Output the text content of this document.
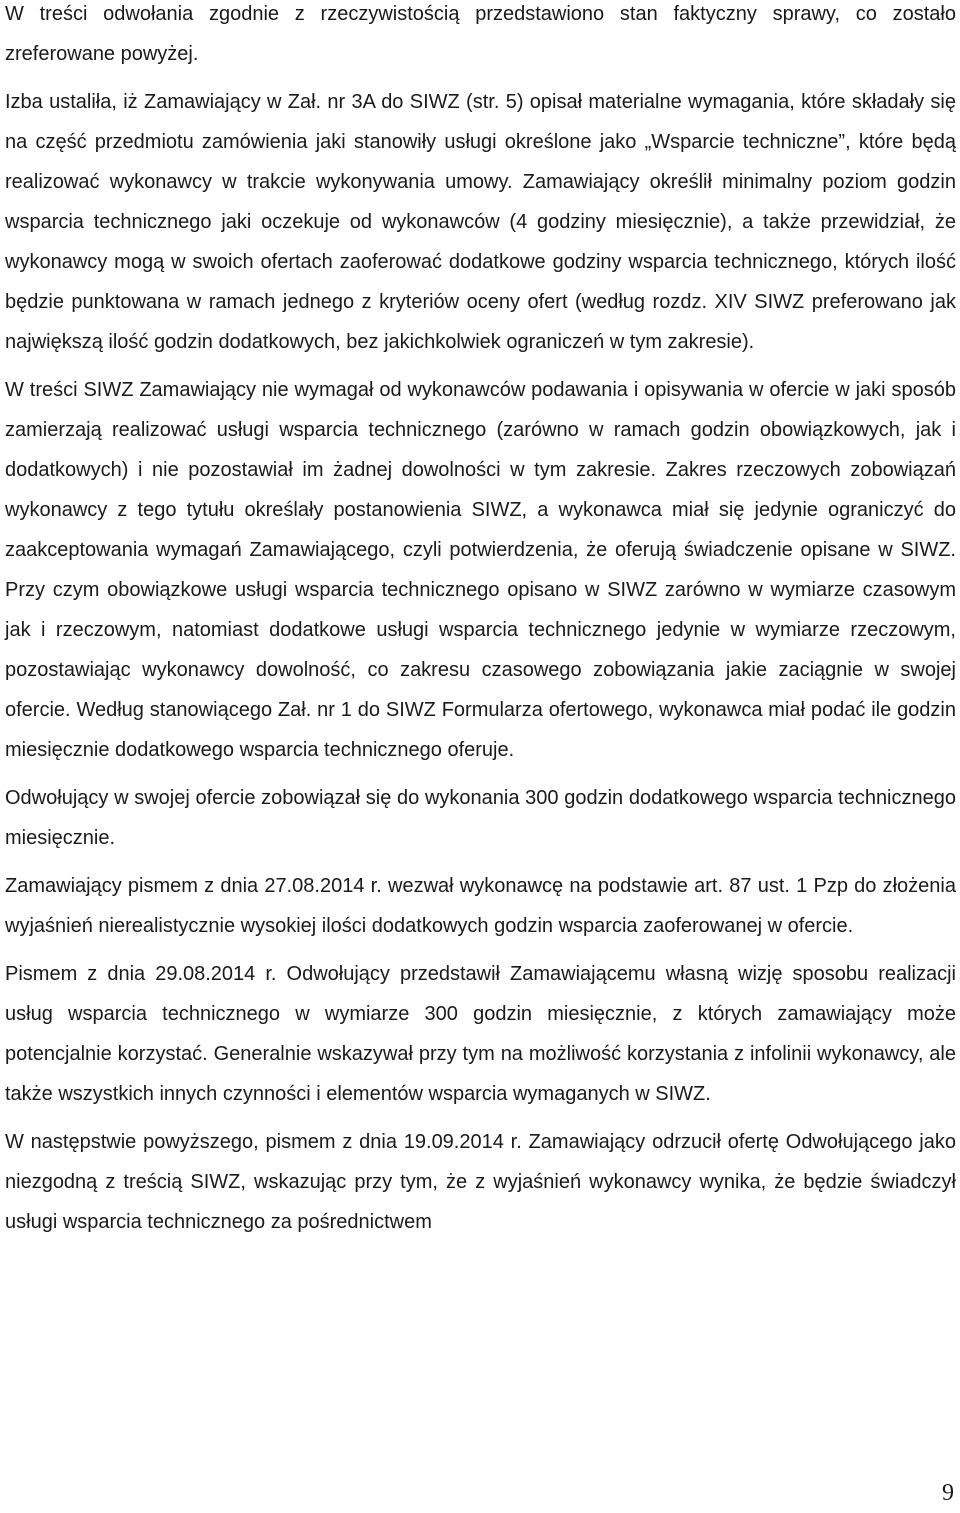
W treści odwołania zgodnie z rzeczywistością przedstawiono stan faktyczny sprawy, co zostało zreferowane powyżej.

Izba ustaliła, iż Zamawiający w Zał. nr 3A do SIWZ (str. 5) opisał materialne wymagania, które składały się na część przedmiotu zamówienia jaki stanowiły usługi określone jako „Wsparcie techniczne”, które będą realizować wykonawcy w trakcie wykonywania umowy. Zamawiający określił minimalny poziom godzin wsparcia technicznego jaki oczekuje od wykonawców (4 godziny miesięcznie), a także przewidział, że wykonawcy mogą w swoich ofertach zaoferować dodatkowe godziny wsparcia technicznego, których ilość będzie punktowana w ramach jednego z kryteriów oceny ofert (według rozdz. XIV SIWZ preferowano jak największą ilość godzin dodatkowych, bez jakichkolwiek ograniczeń w tym zakresie).

W treści SIWZ Zamawiający nie wymagał od wykonawców podawania i opisywania w ofercie w jaki sposób zamierzają realizować usługi wsparcia technicznego (zarówno w ramach godzin obowiązkowych, jak i dodatkowych) i nie pozostawiał im żadnej dowolności w tym zakresie. Zakres rzeczowych zobowiązań wykonawcy z tego tytułu określały postanowienia SIWZ, a wykonawca miał się jedynie ograniczyć do zaakceptowania wymagań Zamawiającego, czyli potwierdzenia, że oferują świadczenie opisane w SIWZ. Przy czym obowiązkowe usługi wsparcia technicznego opisano w SIWZ zarówno w wymiarze czasowym jak i rzeczowym, natomiast dodatkowe usługi wsparcia technicznego jedynie w wymiarze rzeczowym, pozostawiając wykonawcy dowolność, co zakresu czasowego zobowiązania jakie zaciągnie w swojej ofercie. Według stanowiącego Zał. nr 1 do SIWZ Formularza ofertowego, wykonawca miał podać ile godzin miesięcznie dodatkowego wsparcia technicznego oferuje.

Odwołujący w swojej ofercie zobowiązał się do wykonania 300 godzin dodatkowego wsparcia technicznego miesięcznie.

Zamawiający pismem z dnia 27.08.2014 r. wezwał wykonawcę na podstawie art. 87 ust. 1 Pzp do złożenia wyjaśnień nierealistycznie wysokiej ilości dodatkowych godzin wsparcia zaoferowanej w ofercie.

Pismem z dnia 29.08.2014 r. Odwołujący przedstawił Zamawiającemu własną wizję sposobu realizacji usług wsparcia technicznego w wymiarze 300 godzin miesięcznie, z których zamawiający może potencjalnie korzystać. Generalnie wskazywał przy tym na możliwość korzystania z infolinii wykonawcy, ale także wszystkich innych czynności i elementów wsparcia wymaganych w SIWZ.

W następstwie powyższego, pismem z dnia 19.09.2014 r. Zamawiający odrzucił ofertę Odwołującego jako niezgodną z treścią SIWZ, wskazując przy tym, że z wyjaśnień wykonawcy wynika, że będzie świadczył usługi wsparcia technicznego za pośrednictwem

9
